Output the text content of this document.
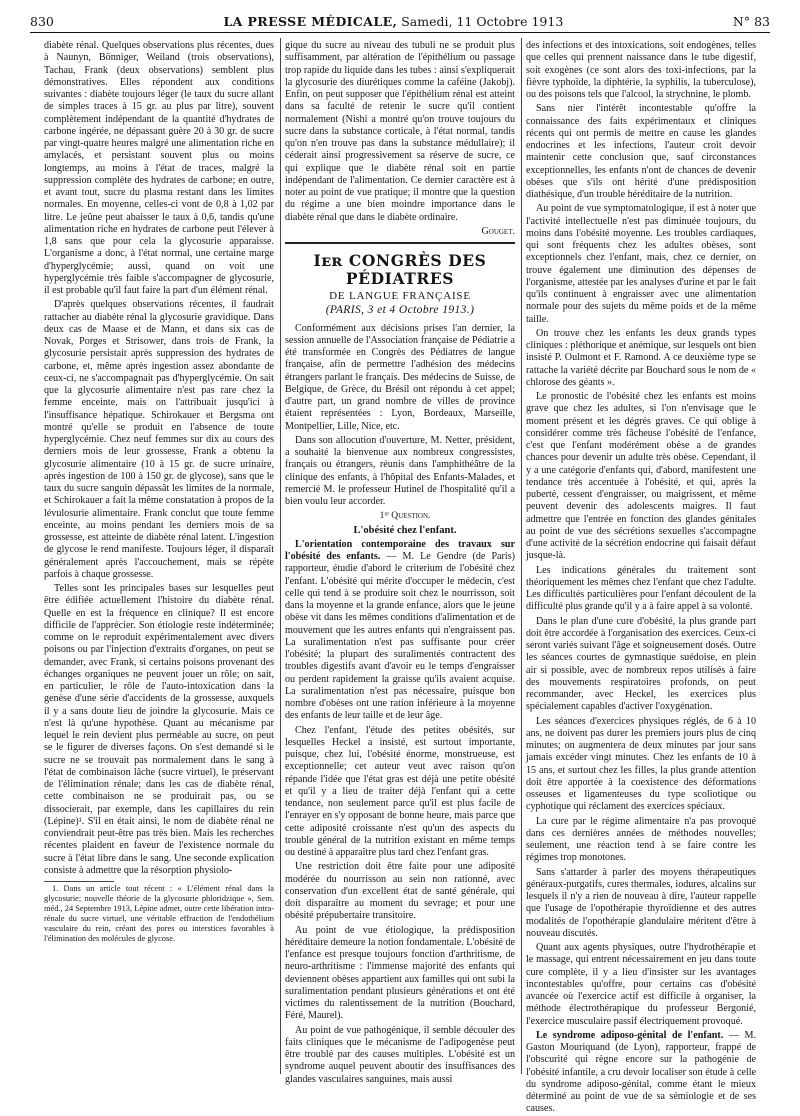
830	LA PRESSE MÉDICALE, Samedi, 11 Octobre 1913	N° 83

diabète rénal. Quelques observations plus récentes, dues à Naunyn, Bönniger, Weiland (trois observations), Tachau, Frank (deux observations) semblent plus démonstratives. Elles répondent aux conditions suivantes : diabète toujours léger (le taux du sucre allant de simples traces à 15 gr. au plus par litre), souvent complètement indépendant de la quantité d'hydrates de carbone ingérée, ne dépassant guère 20 à 30 gr. de sucre par vingt-quatre heures malgré une alimentation riche en amylacés, et persistant souvent plus ou moins longtemps, au moins à l'état de traces, malgré la suppression complète des hydrates de carbone; en outre, et avant tout, sucre du plasma restant dans les limites normales. En moyenne, celles-ci vont de 0,8 à 1,02 par litre. Le jeûne peut abaisser le taux à 0,6, tandis qu'une alimentation riche en hydrates de carbone peut l'élever à 1,8 sans que pour cela la glycosurie apparaisse. L'organisme a donc, à l'état normal, une certaine marge d'hyperglycémie; aussi, quand on voit une hyperglycémie très faible s'accompagner de glycosurie, il est probable qu'il faut faire la part d'un élément rénal.

D'après quelques observations récentes, il faudrait rattacher au diabète rénal la glycosurie gravidique. Dans deux cas de Maase et de Mann, et dans six cas de Novak, Porges et Strisower, dans trois de Frank, la glycosurie persistait après suppression des hydrates de carbone, et, même après ingestion assez abondante de ceux-ci, ne s'accompagnait pas d'hyperglycémie. On sait que la glycosurie alimentaire n'est pas rare chez la femme enceinte, mais on l'attribuait jusqu'ici à l'insuffisance hépatique. Schirokauer et Bergsma ont montré qu'elle se produit en l'absence de toute hyperglycémie. Chez neuf femmes sur dix au cours des derniers mois de leur grossesse, Frank a obtenu la glycosurie alimentaire (10 à 15 gr. de sucre urinaire, après ingestion de 100 à 150 gr. de glycose), sans que le taux du sucre sanguin dépassât les limites de la normale, et Schirokauer a fait la même constatation à propos de la lévulosurie alimentaire. Frank conclut que toute femme enceinte, au moins pendant les derniers mois de sa grossesse, est atteinte de diabète rénal latent. L'ingestion de glycose le rend manifeste. Toujours léger, il disparaît généralement après l'accouchement, mais se répète parfois à chaque grossesse.

Telles sont les principales bases sur lesquelles peut être édifiée actuellement l'histoire du diabète rénal. Quelle en est la fréquence en clinique? Il est encore difficile de l'apprécier. Son étiologie reste indéterminée; comme on le reproduit expérimentalement avec divers poisons ou par l'injection d'extraits d'organes, on peut se demander, avec Frank, si certains poisons provenant des échanges organiques ne peuvent jouer un rôle; on sait, en particulier, le rôle de l'auto-intoxication dans la genèse d'une série d'accidents de la grossesse, auxquels il y a sans doute lieu de joindre la glycosurie. Mais ce n'est là qu'une hypothèse. Quant au mécanisme par lequel le rein devient plus perméable au sucre, on peut se le figurer de diverses façons. On s'est demandé si le sucre ne se trouvait pas normalement dans le sang à l'état de combinaison lâche (sucre virtuel), le préservant de l'élimination rénale; dans les cas de diabète rénal, cette combinaison ne se produirait pas, ou se dissocierait, par exemple, dans les capillaires du rein (Lépine)¹. S'il en était ainsi, le nom de diabète rénal ne conviendrait peut-être pas très bien. Mais les recherches récentes plaident en faveur de l'existence normale du sucre à l'état libre dans le sang. Une seconde explication consiste à admettre que la résorption physiolo-

1. Dans un article tout récent : « L'élément rénal dans la glycosurie; nouvelle théorie de la glycosurie phloridzique », Sem. méd., 24 Septembre 1913, Lépine admet, outre cette libération intra-rénale du sucre virtuel, une véritable effraction de l'endothélium vasculaire du rein, créant des pores ou interstices favorables à l'élimination des molécules de glycose.

gique du sucre au niveau des tubuli ne se produit plus suffisamment, par altération de l'épithélium ou passage trop rapide du liquide dans les tubes : ainsi s'expliquerait la glycosurie des diurétiques comme la caféine (Jakobj). Enfin, on peut supposer que l'épithélium rénal est atteint dans sa faculté de retenir le sucre qu'il contient normalement (Nishi a montré qu'on trouve toujours du sucre dans la substance corticale, à l'état normal, tandis qu'on n'en trouve pas dans la substance médullaire); il céderait ainsi progressivement sa réserve de sucre, ce qui explique que le diabète rénal soit en partie indépendant de l'alimentation. Ce dernier caractère est à noter au point de vue pratique; il montre que la question du régime a une bien moindre importance dans le diabète rénal que dans le diabète ordinaire.

Gougeт.

Iᴇʀ CONGRÈS DES PÉDIATRES
DE LANGUE FRANÇAISE
(PARIS, 3 et 4 Octobre 1913.)

Conformément aux décisions prises l'an dernier, la session annuelle de l'Association française de Pédiatrie a été transformée en Congrès des Pédiatres de langue française, afin de permettre l'adhésion des médecins étrangers parlant le français. Des médecins de Suisse, de Belgique, de Grèce, du Brésil ont répondu à cet appel; d'autre part, un grand nombre de villes de province étaient représentées : Lyon, Bordeaux, Marseille, Montpellier, Lille, Nice, etc.

Dans son allocution d'ouverture, M. Netter, président, a souhaité la bienvenue aux nombreux congressistes, français ou étrangers, réunis dans l'amphithéâtre de la clinique des enfants, à l'hôpital des Enfants-Malades, et remercié M. le professeur Hutinel de l'hospitalité qu'il a bien voulu leur accorder.

1ʳᵉ Question.

L'obésité chez l'enfant.

L'orientation contemporaine des travaux sur l'obésité des enfants. — M. Le Gendre (de Paris) rapporteur, étudie d'abord le criterium de l'obésité chez l'enfant. L'obésité qui mérite d'occuper le médecin, c'est celle qui tend à se produire soit chez le nourrisson, soit dans la moyenne et la grande enfance, alors que le jeune obèse vit dans les mêmes conditions d'alimentation et de mouvement que les autres enfants qui n'engraissent pas. La suralimentation n'est pas suffisante pour créer l'obésité; la plupart des suralimentés contractent des troubles digestifs avant d'avoir eu le temps d'engraisser ou perdent rapidement la graisse qu'ils avaient acquise. La suralimentation n'est pas nécessaire, puisque bon nombre d'obèses ont une ration inférieure à la moyenne des enfants de leur taille et de leur âge.

Chez l'enfant, l'étude des petites obésités, sur lesquelles Heckel a insisté, est surtout importante, puisque, chez lui, l'obésité énorme, monstrueuse, est exceptionnelle; cet auteur veut avec raison qu'on répande l'idée que l'état gras est déjà une petite obésité et qu'il y a lieu de traiter déjà l'enfant qui a cette tendance, non seulement parce qu'il est plus facile de l'enrayer en s'y opposant de bonne heure, mais parce que cette adiposité croissante n'est qu'un des aspects du trouble général de la nutrition existant en même temps ou destiné à apparaître plus tard chez l'enfant gras.

Une restriction doit être faite pour une adiposité modérée du nourrisson au sein non rationné, avec conservation d'un excellent état de santé générale, qui doit disparaître au moment du sevrage; et pour une obésité prépubertaire transitoire.

Au point de vue étiologique, la prédisposition héréditaire demeure la notion fondamentale. L'obésité de l'enfance est presque toujours fonction d'arthritisme, de neuro-arthritisme : l'immense majorité des enfants qui deviennent obèses appartient aux familles qui ont subi la suralimentation pendant plusieurs générations et ont été victimes du ralentissement de la nutrition (Bouchard, Féré, Maurel).

Au point de vue pathogénique, il semble découler des faits cliniques que le mécanisme de l'adipogenèse peut être troublé par des causes multiples. L'obésité est un syndrome auquel peuvent aboutir des insuffisances des glandes vasculaires sanguines, mais aussi

des infections et des intoxications, soit endogènes, telles que celles qui prennent naissance dans le tube digestif, soit exogènes (ce sont alors des toxi-infections, par la fièvre typhoïde, la diphtérie, la syphilis, la tuberculose), ou des poisons tels que l'alcool, la strychnine, le plomb.

Sans nier l'intérêt incontestable qu'offre la connaissance des faits expérimentaux et cliniques récents qui ont permis de mettre en cause les glandes endocrines et les infections, l'auteur croit devoir maintenir cette conclusion que, sauf circonstances exceptionnelles, les enfants n'ont de chances de devenir obèses que s'ils ont hérité d'une prédisposition diathésique, d'un trouble héréditaire de la nutrition.

Au point de vue symptomatologique, il est à noter que l'activité intellectuelle n'est pas diminuée toujours, du moins dans l'obésité moyenne. Les troubles cardiaques, qui sont fréquents chez les adultes obèses, sont exceptionnels chez l'enfant, mais, chez ce dernier, on trouve également une diminution des dépenses de l'organisme, attestée par les analyses d'urine et par le fait qu'ils continuent à engraisser avec une alimentation normale pour des sujets du même poids et de la même taille.

On trouve chez les enfants les deux grands types cliniques : pléthorique et anémique, sur lesquels ont bien insisté P. Oulmont et F. Ramond. A ce deuxième type se rattache la variété décrite par Bouchard sous le nom de « chlorose des géants ».

Le pronostic de l'obésité chez les enfants est moins grave que chez les adultes, si l'on n'envisage que le moment présent et les dégrés graves. Ce qui oblige à considérer comme très fâcheuse l'obésité de l'enfance, c'est que l'enfant modérément obèse a de grandes chances pour devenir un adulte très obèse. Cependant, il y a une catégorie d'enfants qui, d'abord, manifestent une tendance très accentuée à l'obésité, et qui, après la puberté, cessent d'engraisser, ou maigrissent, et même peuvent devenir des adolescents maigres. Il faut admettre que l'entrée en fonction des glandes génitales au point de vue des sécrétions sexuelles s'accompagne d'une activité de la sécrétion endocrine qui faisait défaut jusque-là.

Les indications générales du traitement sont théoriquement les mêmes chez l'enfant que chez l'adulte. Les difficultés particulières pour l'enfant découlent de la difficulté plus grande qu'il y a à faire appel à sa volonté.

Dans le plan d'une cure d'obésité, la plus grande part doit être accordée à l'organisation des exercices. Ceux-ci seront variés suivant l'âge et soigneusement dosés. Outre les séances courtes de gymnastique suédoise, en plein air si possible, avec de nombreux repos utilisés à faire des mouvements respiratoires profonds, on peut recommander, avec Heckel, les exercices plus spécialement capables d'activer l'oxygénation.

Les séances d'exercices physiques réglés, de 6 à 10 ans, ne doivent pas durer les premiers jours plus de cinq minutes; on augmentera de deux minutes par jour sans jamais excéder vingt minutes. Chez les enfants de 10 à 15 ans, et surtout chez les filles, la plus grande attention doit être apportée à la coexistence des déformations osseuses et ligamenteuses du type scoliotique ou cyphotique qui réclament des exercices spéciaux.

La cure par le régime alimentaire n'a pas provoqué dans ces dernières années de méthodes nouvelles; seulement, une réaction tend à se faire contre les régimes trop monotones.

Sans s'attarder à parler des moyens thérapeutiques généraux-purgatifs, cures thermales, iodures, alcalins sur lesquels il n'y a rien de nouveau à dire, l'auteur rappelle que l'usage de l'opothérapie thyroïdienne et des autres modalités de l'opothérapie glandulaire méritent d'être à nouveau discutés.

Quant aux agents physiques, outre l'hydrothérapie et le massage, qui entrent nécessairement en jeu dans toute cure complète, il y a lieu d'insister sur les avantages incontestables qu'offre, pour certains cas d'obésité avancée où l'exercice actif est difficile à organiser, la méthode électrothérapique du professeur Bergonié, l'exercice musculaire passif électriquement provoqué.

Le syndrome adiposo-génital de l'enfant. — M. Gaston Mouriquand (de Lyon), rapporteur, frappé de l'obscurité qui règne encore sur la pathogénie de l'obésité infantile, a cru devoir localiser son étude à celle du syndrome adiposo-génital, comme étant le mieux déterminé au point de vue de sa sémiologie et de ses causes.
